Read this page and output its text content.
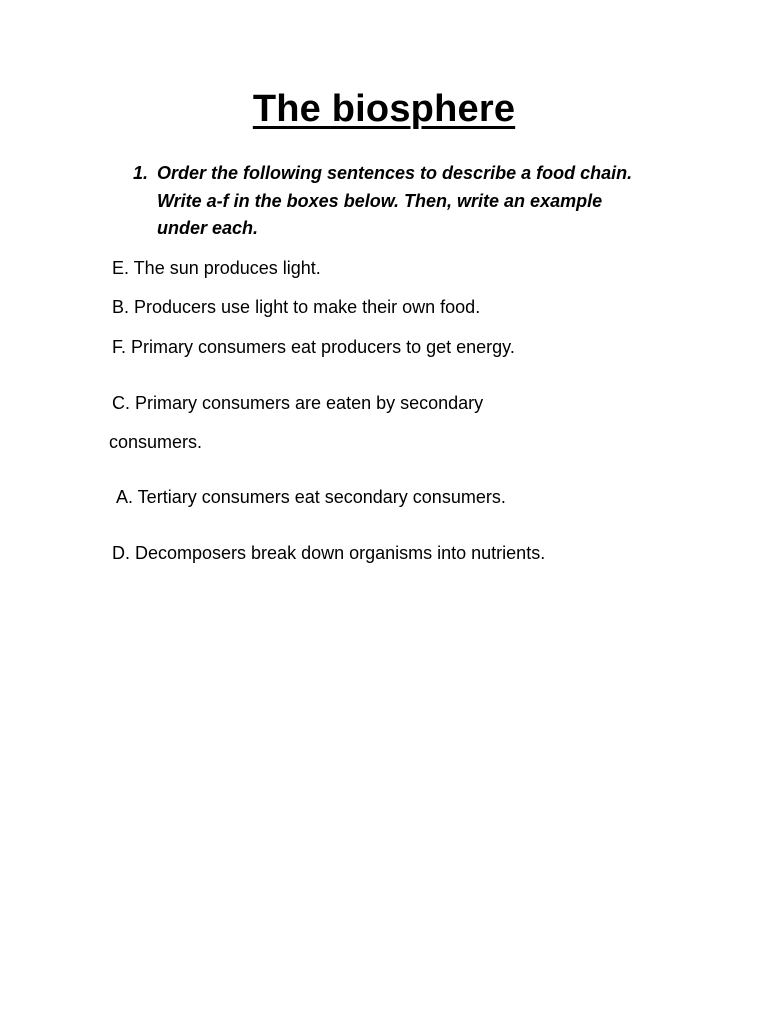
The biosphere
1. Order the following sentences to describe a food chain.
Write a-f in the boxes below. Then, write an example
under each.
E. The sun produces light.
B. Producers use light to make their own food.
F. Primary consumers eat producers to get energy.
C. Primary consumers are eaten by secondary
consumers.
A. Tertiary consumers eat secondary consumers.
D. Decomposers break down organisms into nutrients.
